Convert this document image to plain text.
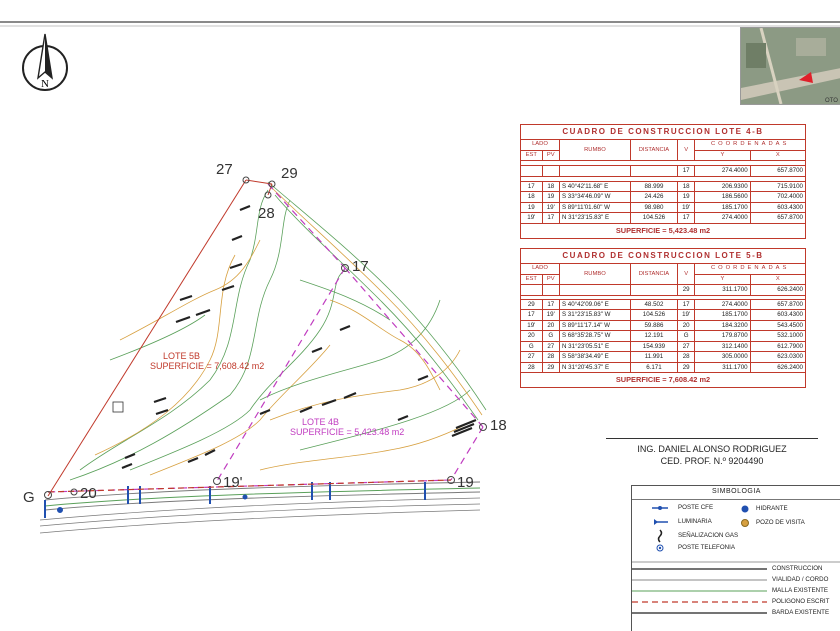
N
27	29
28
17
18
19
19'
20
G
LOTE 5B
SUPERFICIE = 7,608.42 m2
LOTE 4B
SUPERFICIE = 5,423.48 m2
OTO
CUADRO DE CONSTRUCCION LOTE 4-B						
LADO		RUMBO	DISTANCIA	V	COORDENADAS	
EST	PV				Y	X

				17	274.4000	657.8700

17	18	S 40°42'11.68" E	88.999	18	206.9300	715.9100
18	19	S 33°34'46.09" W	24.426	19	186.5600	702.4000
19	19'	S 89°11'01.60" W	98.980	19'	185.1700	603.4300
19'	17	N 31°23'15.83" E	104.526	17	274.4000	657.8700
SUPERFICIE = 5,423.48 m2						
CUADRO DE CONSTRUCCION LOTE 5-B						
LADO		RUMBO	DISTANCIA	V	COORDENADAS	
EST	PV				Y	X
				29	311.1700	626.2400

29	17	S 40°42'09.06" E	48.502	17	274.4000	657.8700
17	19'	S 31°23'15.83" W	104.526	19'	185.1700	603.4300
19'	20	S 89°11'17.14" W	59.886	20	184.3200	543.4500
20	G	S 68°35'28.75" W	12.191	G	179.8700	532.1000
G	27	N 31°23'05.51" E	154.939	27	312.1400	612.7900
27	28	S 58°38'34.49" E	11.991	28	305.0000	623.0300
28	29	N 31°20'45.37" E	6.171	29	311.1700	626.2400
SUPERFICIE = 7,608.42 m2						
ING. DANIEL ALONSO RODRIGUEZ
CED. PROF. N.º 9204490
SIMBOLOGIA
POSTE CFE
LUMINARIA
SEÑALIZACION GAS
POSTE TELEFONIA
HIDRANTE
POZO DE VISITA
CONSTRUCCION
VIALIDAD / CORDO
MALLA EXISTENTE
POLIGONO ESCRIT
BARDA EXISTENTE
